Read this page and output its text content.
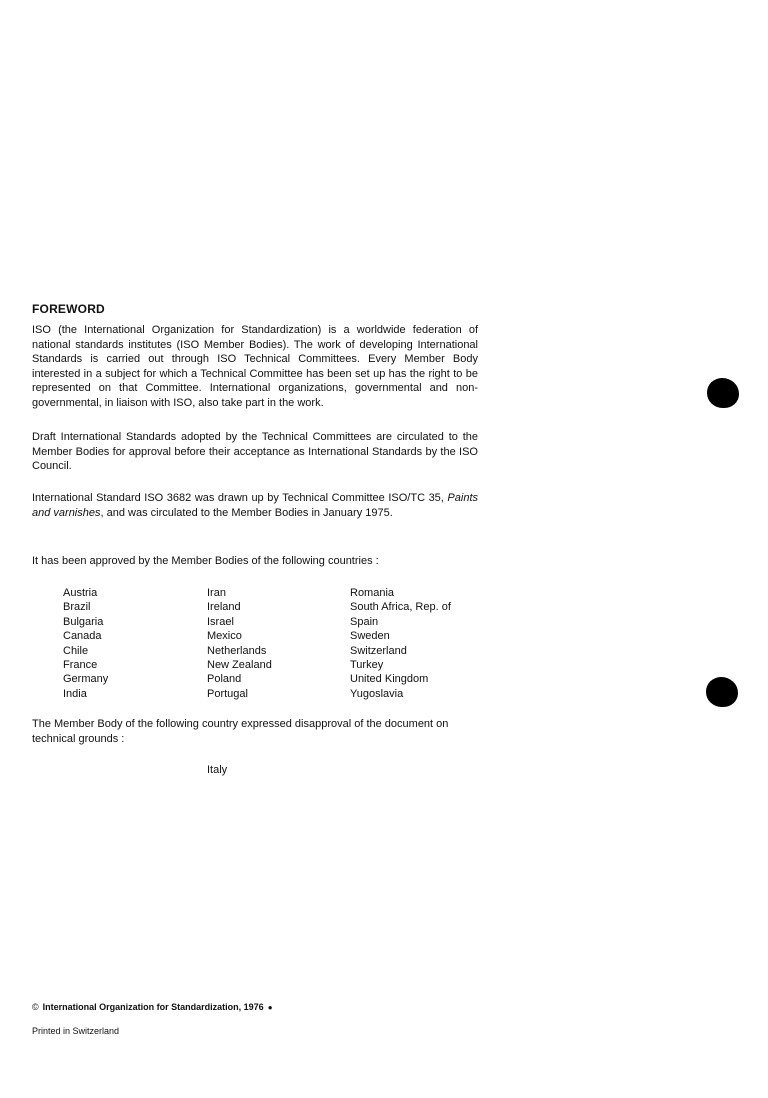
FOREWORD

ISO (the International Organization for Standardization) is a worldwide federation of national standards institutes (ISO Member Bodies). The work of developing International Standards is carried out through ISO Technical Committees. Every Member Body interested in a subject for which a Technical Committee has been set up has the right to be represented on that Committee. International organizations, governmental and non-governmental, in liaison with ISO, also take part in the work.

Draft International Standards adopted by the Technical Committees are circulated to the Member Bodies for approval before their acceptance as International Standards by the ISO Council.

International Standard ISO 3682 was drawn up by Technical Committee ISO/TC 35, Paints and varnishes, and was circulated to the Member Bodies in January 1975.

It has been approved by the Member Bodies of the following countries :

Austria
Brazil
Bulgaria
Canada
Chile
France
Germany
India
Iran
Ireland
Israel
Mexico
Netherlands
New Zealand
Poland
Portugal
Romania
South Africa, Rep. of
Spain
Sweden
Switzerland
Turkey
United Kingdom
Yugoslavia

The Member Body of the following country expressed disapproval of the document on technical grounds :

Italy
© International Organization for Standardization, 1976 ●
Printed in Switzerland
